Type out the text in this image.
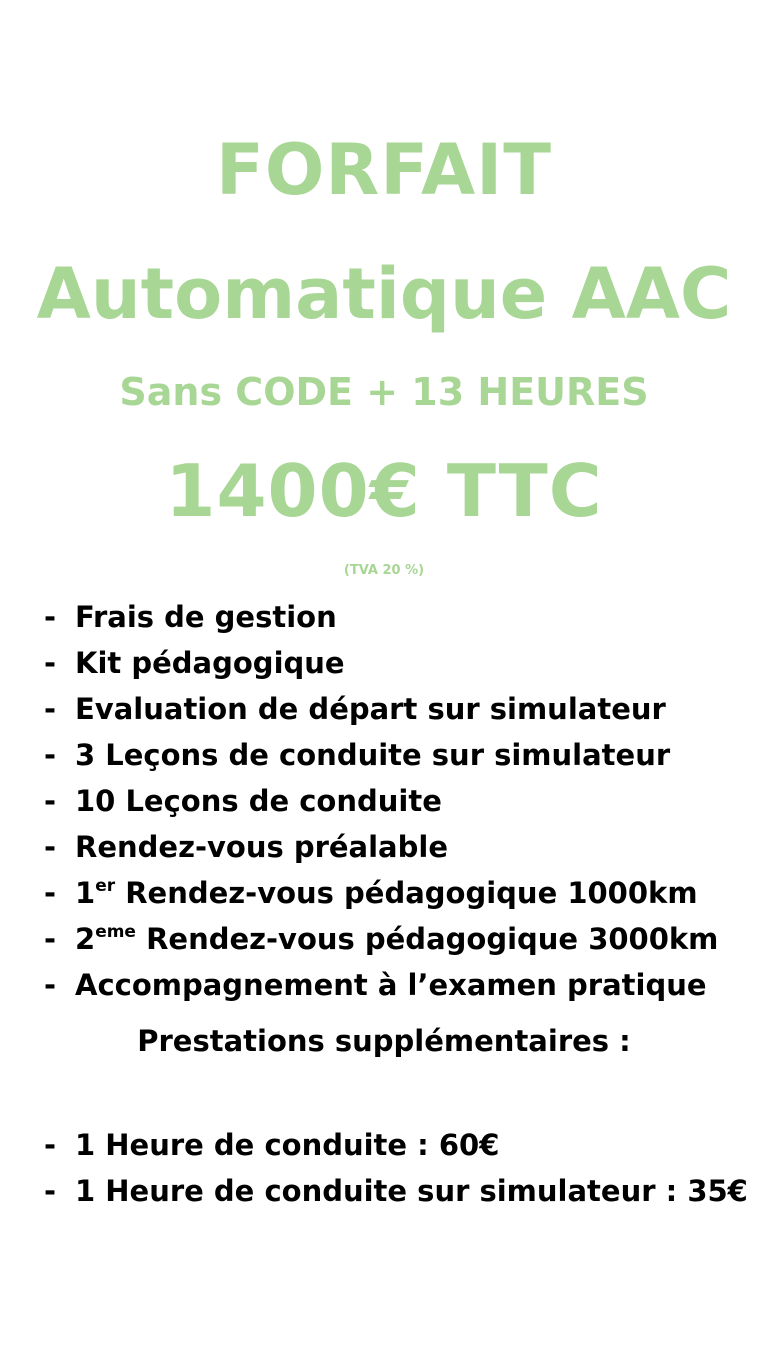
FORFAIT
Automatique AAC
Sans CODE + 13 HEURES
1400€ TTC

(TVA 20 %)

- Frais de gestion
- Kit pédagogique
- Evaluation de départ sur simulateur
- 3 Leçons de conduite sur simulateur
- 10 Leçons de conduite
- Rendez-vous préalable
- 1er Rendez-vous pédagogique 1000km
- 2eme Rendez-vous pédagogique 3000km
- Accompagnement à l’examen pratique

Prestations supplémentaires :

- 1 Heure de conduite : 60€
- 1 Heure de conduite sur simulateur : 35€
